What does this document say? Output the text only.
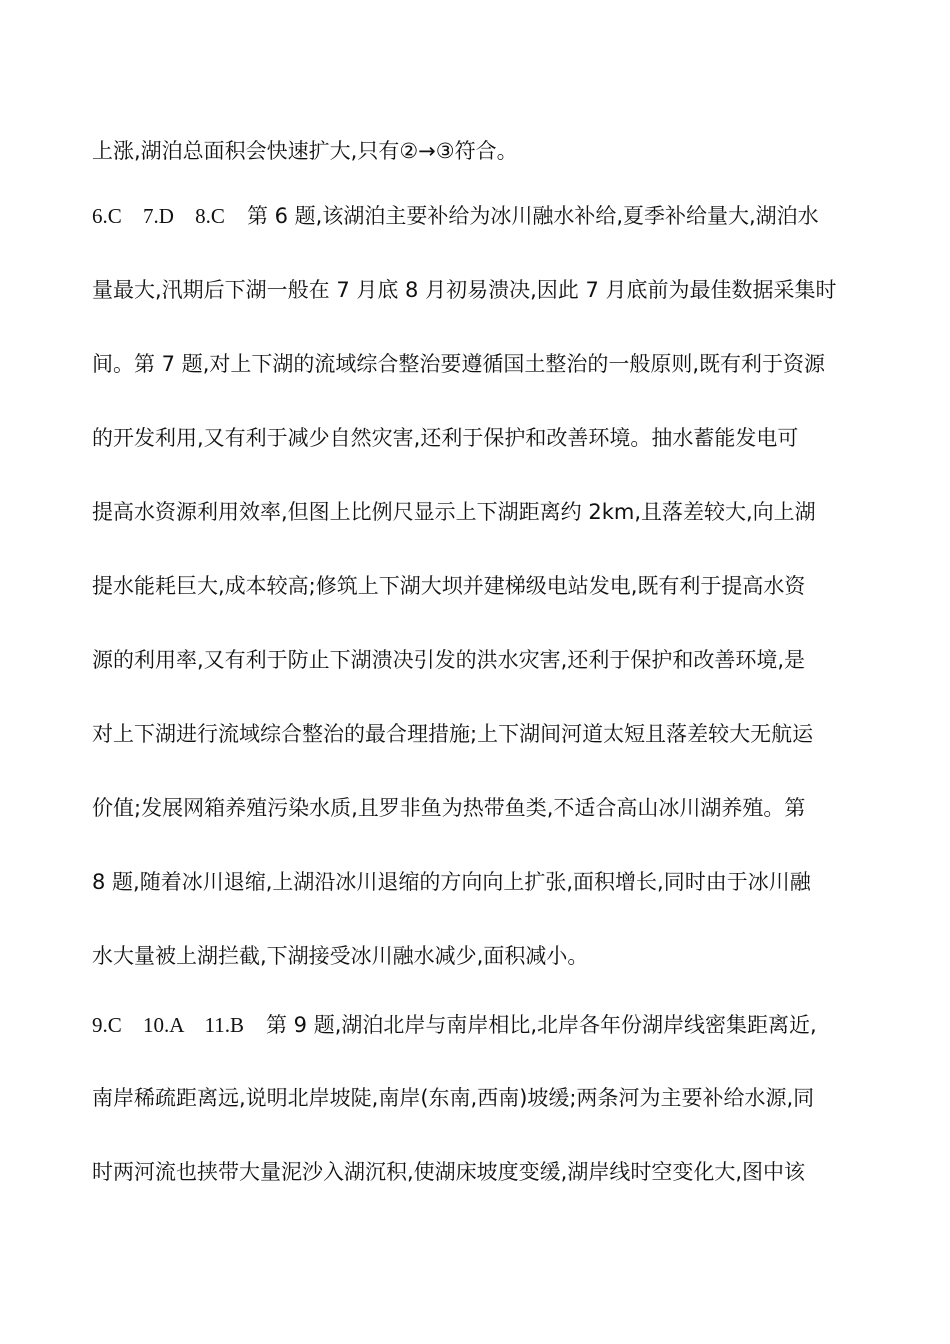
上涨,湖泊总面积会快速扩大,只有②→③符合。
6.C 7.D 8.C 第 6 题,该湖泊主要补给为冰川融水补给,夏季补给量大,湖泊水
量最大,汛期后下湖一般在 7 月底 8 月初易溃决,因此 7 月底前为最佳数据采集时
间。第 7 题,对上下湖的流域综合整治要遵循国土整治的一般原则,既有利于资源
的开发利用,又有利于减少自然灾害,还利于保护和改善环境。抽水蓄能发电可
提高水资源利用效率,但图上比例尺显示上下湖距离约 2km,且落差较大,向上湖
提水能耗巨大,成本较高;修筑上下湖大坝并建梯级电站发电,既有利于提高水资
源的利用率,又有利于防止下湖溃决引发的洪水灾害,还利于保护和改善环境,是
对上下湖进行流域综合整治的最合理措施;上下湖间河道太短且落差较大无航运
价值;发展网箱养殖污染水质,且罗非鱼为热带鱼类,不适合高山冰川湖养殖。第
8 题,随着冰川退缩,上湖沿冰川退缩的方向向上扩张,面积增长,同时由于冰川融
水大量被上湖拦截,下湖接受冰川融水减少,面积减小。
9.C 10.A 11.B 第 9 题,湖泊北岸与南岸相比,北岸各年份湖岸线密集距离近,
南岸稀疏距离远,说明北岸坡陡,南岸(东南,西南)坡缓;两条河为主要补给水源,同
时两河流也挟带大量泥沙入湖沉积,使湖床坡度变缓,湖岸线时空变化大,图中该
